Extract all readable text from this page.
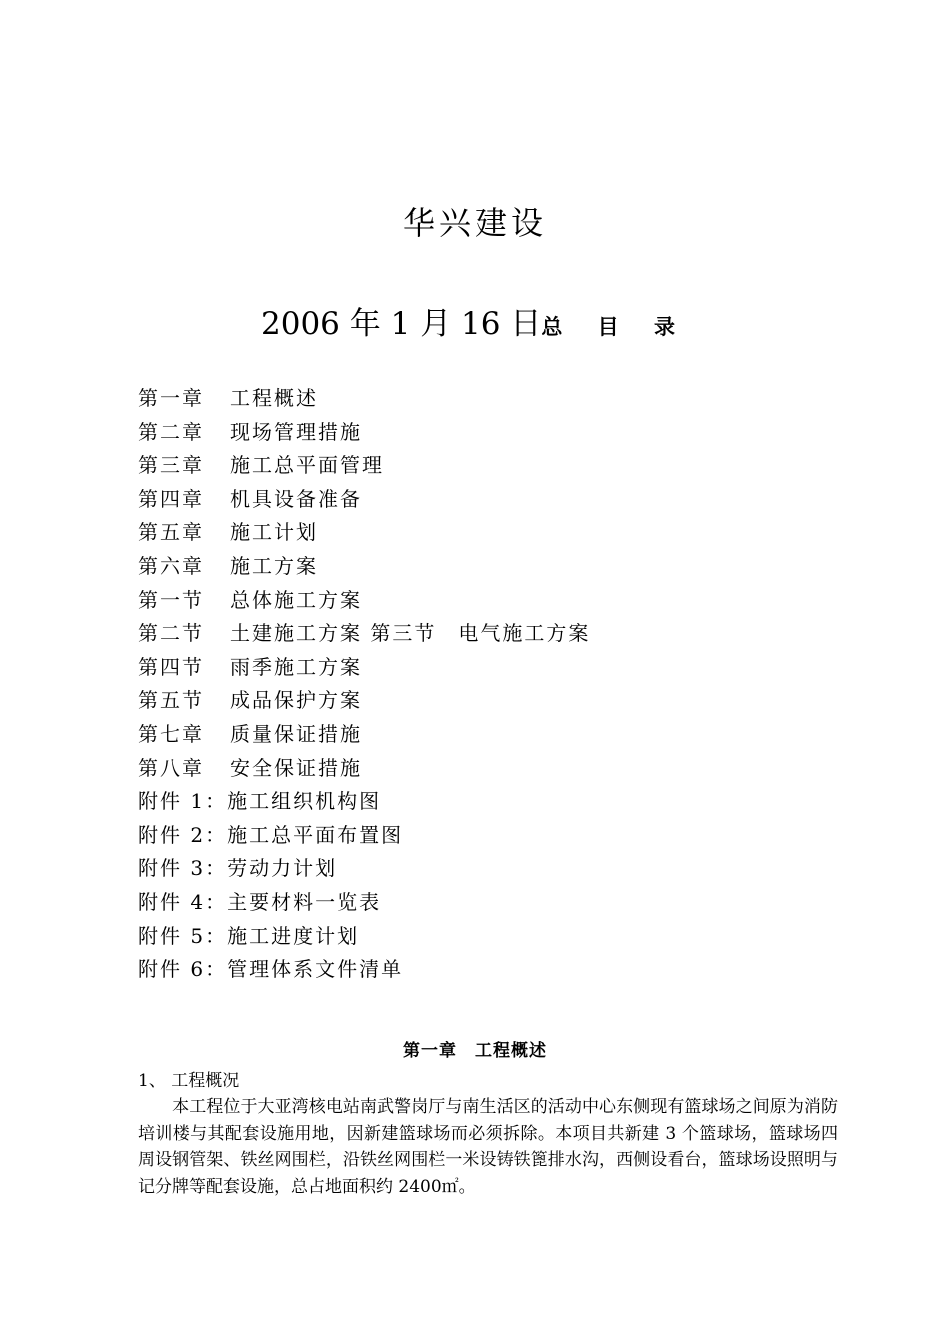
华兴建设
2006 年 1 月 16 日总 目 录
第一章 工程概述
第二章 现场管理措施
第三章 施工总平面管理
第四章 机具设备准备
第五章 施工计划
第六章 施工方案
第一节 总体施工方案
第二节 土建施工方案 第三节　电气施工方案
第四节 雨季施工方案
第五节 成品保护方案
第七章 质量保证措施
第八章 安全保证措施
附件 1：施工组织机构图
附件 2：施工总平面布置图
附件 3：劳动力计划
附件 4：主要材料一览表
附件 5：施工进度计划
附件 6：管理体系文件清单
第一章　工程概述
1、 工程概况

　　本工程位于大亚湾核电站南武警岗厅与南生活区的活动中心东侧现有篮球场之间原为消防培训楼与其配套设施用地，因新建篮球场而必须拆除。本项目共新建 3 个篮球场，篮球场四周设钢管架、铁丝网围栏，沿铁丝网围栏一米设铸铁篦排水沟，西侧设看台，篮球场设照明与记分牌等配套设施，总占地面积约 2400㎡。
